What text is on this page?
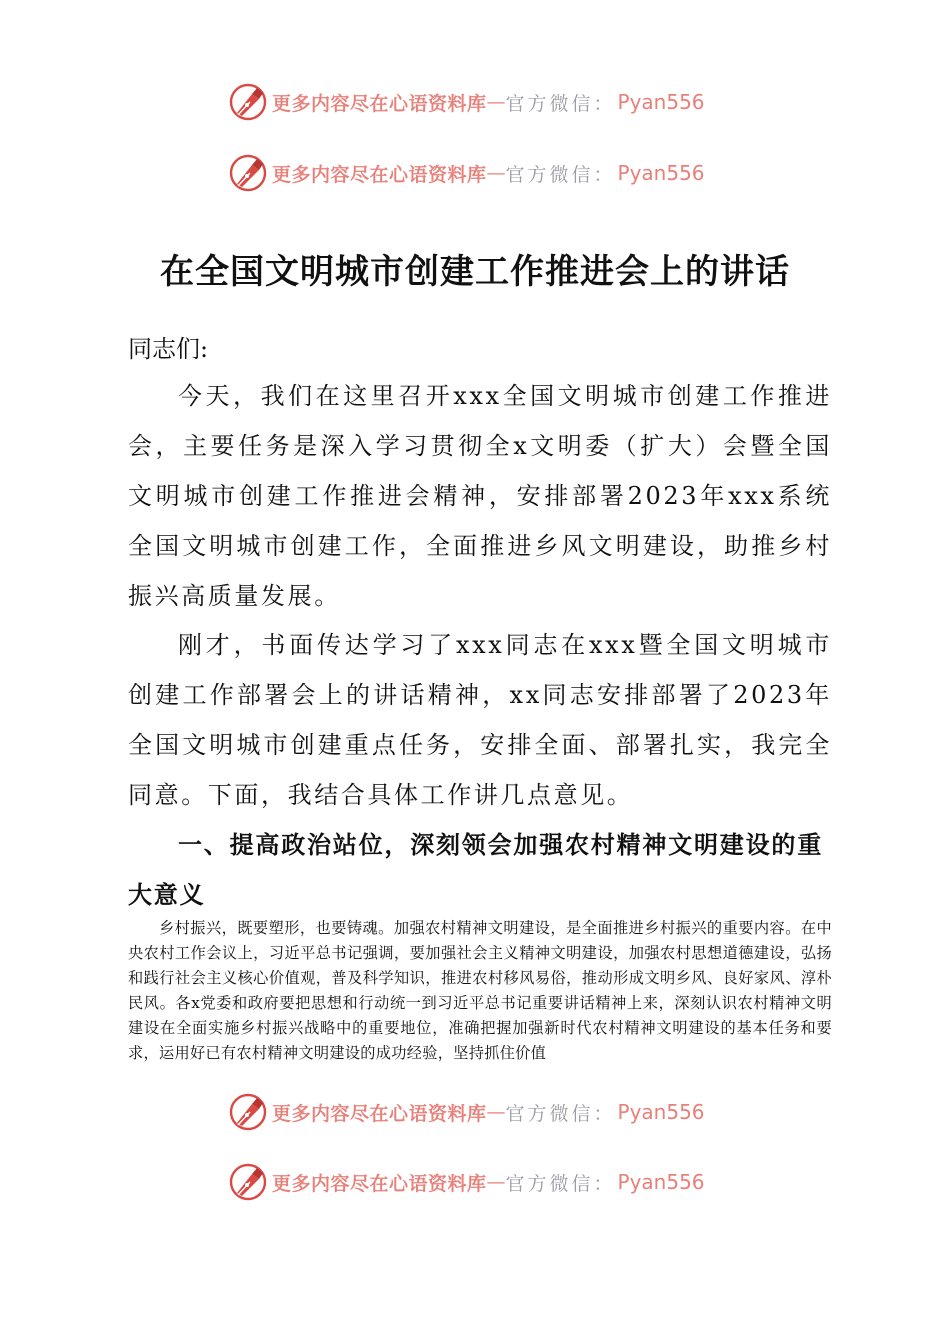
更多内容尽在心语资料库 — 官方微信： Pyan556
更多内容尽在心语资料库 — 官方微信： Pyan556
在全国文明城市创建工作推进会上的讲话
同志们:

今天，我们在这里召开xxx全国文明城市创建工作推进会，主要任务是深入学习贯彻全x文明委（扩大）会暨全国文明城市创建工作推进会精神，安排部署2023年xxx系统全国文明城市创建工作，全面推进乡风文明建设，助推乡村振兴高质量发展。

刚才，书面传达学习了xxx同志在xxx暨全国文明城市创建工作部署会上的讲话精神，xx同志安排部署了2023年全国文明城市创建重点任务，安排全面、部署扎实，我完全同意。下面，我结合具体工作讲几点意见。

一、提高政治站位，深刻领会加强农村精神文明建设的重大意义

乡村振兴，既要塑形，也要铸魂。加强农村精神文明建设，是全面推进乡村振兴的重要内容。在中央农村工作会议上，习近平总书记强调，要加强社会主义精神文明建设，加强农村思想道德建设，弘扬和践行社会主义核心价值观，普及科学知识，推进农村移风易俗，推动形成文明乡风、良好家风、淳朴民风。各x党委和政府要把思想和行动统一到习近平总书记重要讲话精神上来，深刻认识农村精神文明建设在全面实施乡村振兴战略中的重要地位，准确把握加强新时代农村精神文明建设的基本任务和要求，运用好已有农村精神文明建设的成功经验，坚持抓住价值

更多内容尽在心语资料库 — 官方微信： Pyan556
更多内容尽在心语资料库 — 官方微信： Pyan556
